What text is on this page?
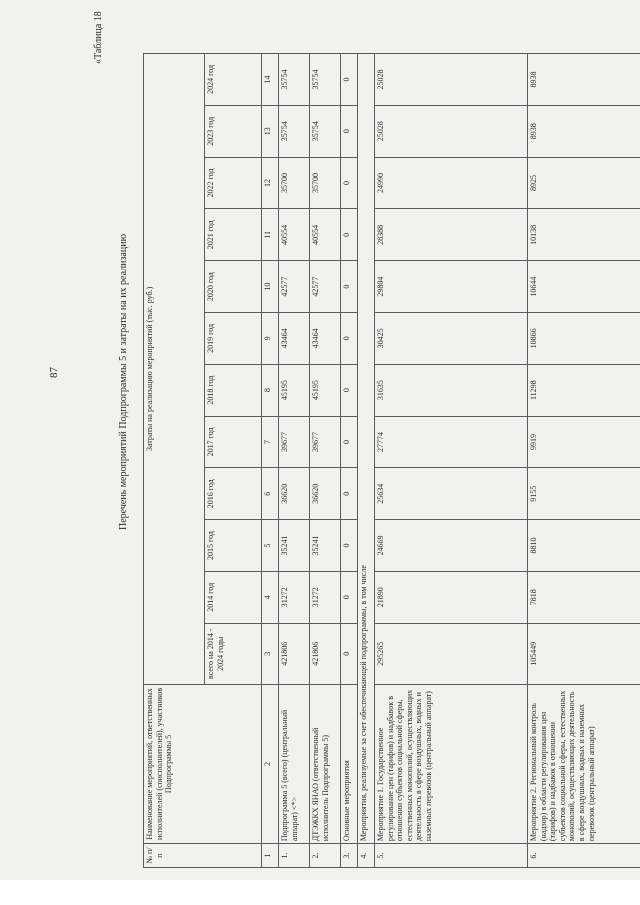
87
«Таблица 18
Перечень мероприятий Подпрограммы 5 и затраты на их реализацию
№ п/п	Наименование мероприятий, ответственных исполнителей (соисполнителей), участников Подпрограммы 5	Затраты на реализацию мероприятий (тыс. руб.)											
		всего на 2014 - 2024 годы	2014 год	2015 год	2016 год	2017 год	2018 год	2019 год	2020 год	2021 год	2022 год	2023 год	2024 год
1	2	3	4	5	6	7	8	9	10	11	12	13	14
1.	Подпрограмма 5 (всего) (центральный аппарат) <*>	421806	31272	35241	36620	39677	45195	43464	42577	40554	35700	35754	35754
2.	ДТЭЖКХ ЯНАО (ответственный исполнитель Подпрограммы 5)	421806	31272	35241	36620	39677	45195	43464	42577	40554	35700	35754	35754
3.	Основные мероприятия	0	0	0	0	0	0	0	0	0	0	0	0
4.	Мероприятия, реализуемые за счет обеспечивающей подпрограммы, в том числе												
5.	Мероприятие 1. Государственное регулирование цен (тарифов) и надбавок в отношении субъектов социальной сферы, естественных монополий, осуществляющих деятельность в сфере воздушных, водных и наземных перевозок (центральный аппарат)	295265	21890	24669	25634	27774	31635	30425	29804	28388	24990	25028	25028
6.	Мероприятие 2. Региональный контроль (надзор) в области регулирования цен (тарифов) и надбавок в отношении субъектов социальной сферы, естественных монополий, осуществляющих деятельность в сфере воздушных, водных и наземных перевозок (центральный аппарат)	105449	7818	8810	9155	9919	11298	10866	10644	10138	8925	8938	8938
